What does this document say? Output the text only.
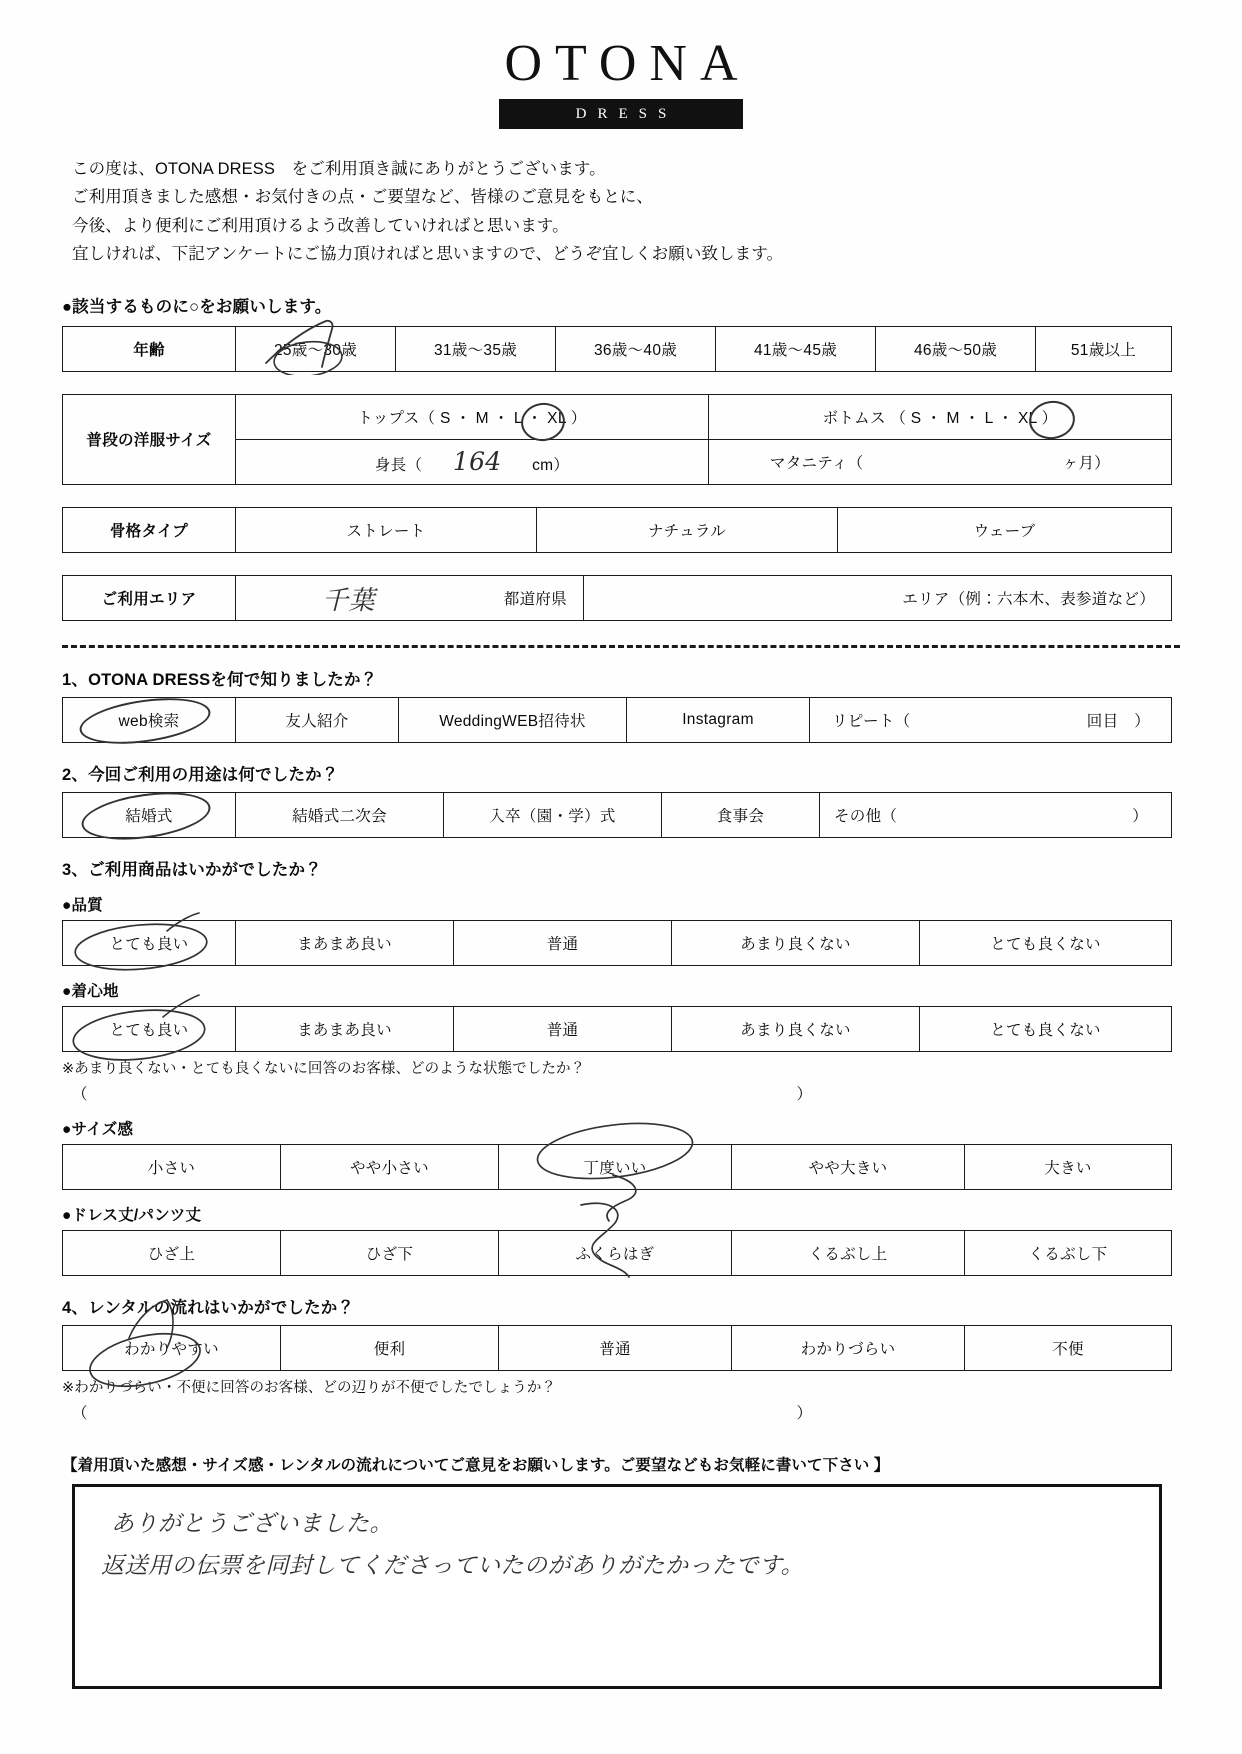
OTONA
DRESS
この度は、OTONA DRESS　をご利用頂き誠にありがとうございます。
ご利用頂きました感想・お気付きの点・ご要望など、皆様のご意見をもとに、
今後、より便利にご利用頂けるよう改善していければと思います。
宜しければ、下記アンケートにご協力頂ければと思いますので、どうぞ宜しくお願い致します。
●該当するものに○をお願いします。
年齢	25歳～30歳	31歳～35歳	36歳～40歳	41歳～45歳	46歳～50歳	51歳以上
普段の洋服サイズ	トップス（ S ・ M ・ L ・ XL ）	ボトムス （ S ・ M ・ L ・ XL ）

	身長（ 164 cm）	マタニティ（ ヶ月）
骨格タイプ	ストレート	ナチュラル	ウェーブ
ご利用エリア	千葉	都道府県	エリア（例：六本木、表参道など）
1、OTONA DRESSを何で知りましたか？
web検索	友人紹介	WeddingWEB招待状	Instagram	リピート（	回目　）
2、今回ご利用の用途は何でしたか？
結婚式	結婚式二次会	入卒（園・学）式	食事会	その他（	）
3、ご利用商品はいかがでしたか？
●品質
とても良い	まあまあ良い	普通	あまり良くない	とても良くない
●着心地
とても良い	まあまあ良い	普通	あまり良くない	とても良くない
※あまり良くない・とても良くないに回答のお客様、どのような状態でしたか？
（	）
●サイズ感
小さい	やや小さい	丁度いい	やや大きい	大きい
●ドレス丈/パンツ丈
ひざ上	ひざ下	ふくらはぎ	くるぶし上	くるぶし下
4、レンタルの流れはいかがでしたか？
わかりやすい	便利	普通	わかりづらい	不便
※わかりづらい・不便に回答のお客様、どの辺りが不便でしたでしょうか？
（	）
【着用頂いた感想・サイズ感・レンタルの流れについてご意見をお願いします。ご要望などもお気軽に書いて下さい 】
ありがとうございました。
返送用の伝票を同封してくださっていたのがありがたかったです。
